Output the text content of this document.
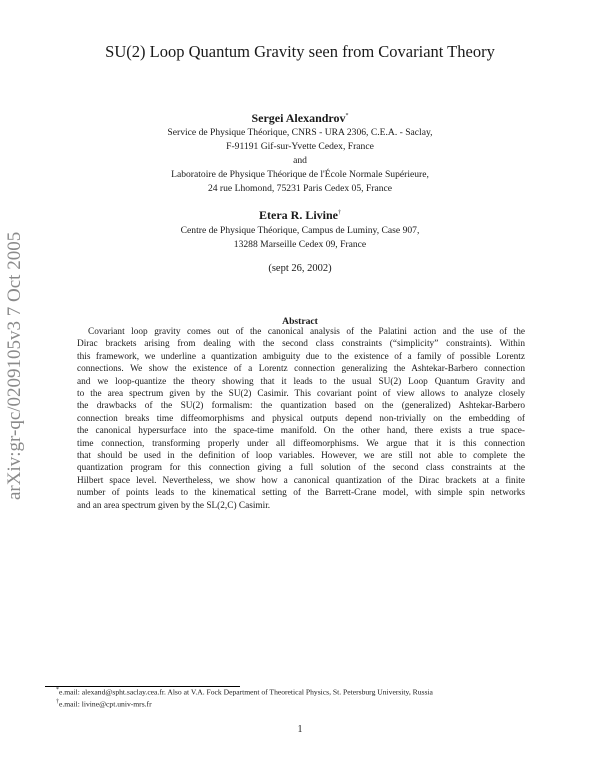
arXiv:gr-qc/0209105v3 7 Oct 2005
SU(2) Loop Quantum Gravity seen from Covariant Theory
Sergei Alexandrov*
Service de Physique Théorique, CNRS - URA 2306, C.E.A. - Saclay,
F-91191 Gif-sur-Yvette Cedex, France
and
Laboratoire de Physique Théorique de l'École Normale Supérieure,
24 rue Lhomond, 75231 Paris Cedex 05, France
Etera R. Livine†
Centre de Physique Théorique, Campus de Luminy, Case 907,
13288 Marseille Cedex 09, France
(sept 26, 2002)
Abstract
Covariant loop gravity comes out of the canonical analysis of the Palatini action and the use of the
Dirac brackets arising from dealing with the second class constraints (“simplicity” constraints). Within
this framework, we underline a quantization ambiguity due to the existence of a family of possible Lorentz
connections. We show the existence of a Lorentz connection generalizing the Ashtekar-Barbero connection
and we loop-quantize the theory showing that it leads to the usual SU(2) Loop Quantum Gravity and
to the area spectrum given by the SU(2) Casimir. This covariant point of view allows to analyze closely
the drawbacks of the SU(2) formalism: the quantization based on the (generalized) Ashtekar-Barbero
connection breaks time diffeomorphisms and physical outputs depend non-trivially on the embedding of
the canonical hypersurface into the space-time manifold. On the other hand, there exists a true space-
time connection, transforming properly under all diffeomorphisms. We argue that it is this connection
that should be used in the definition of loop variables. However, we are still not able to complete the
quantization program for this connection giving a full solution of the second class constraints at the
Hilbert space level. Nevertheless, we show how a canonical quantization of the Dirac brackets at a finite
number of points leads to the kinematical setting of the Barrett-Crane model, with simple spin networks
and an area spectrum given by the SL(2,C) Casimir.
*e.mail: alexand@spht.saclay.cea.fr. Also at V.A. Fock Department of Theoretical Physics, St. Petersburg University, Russia
†e.mail: livine@cpt.univ-mrs.fr
1
